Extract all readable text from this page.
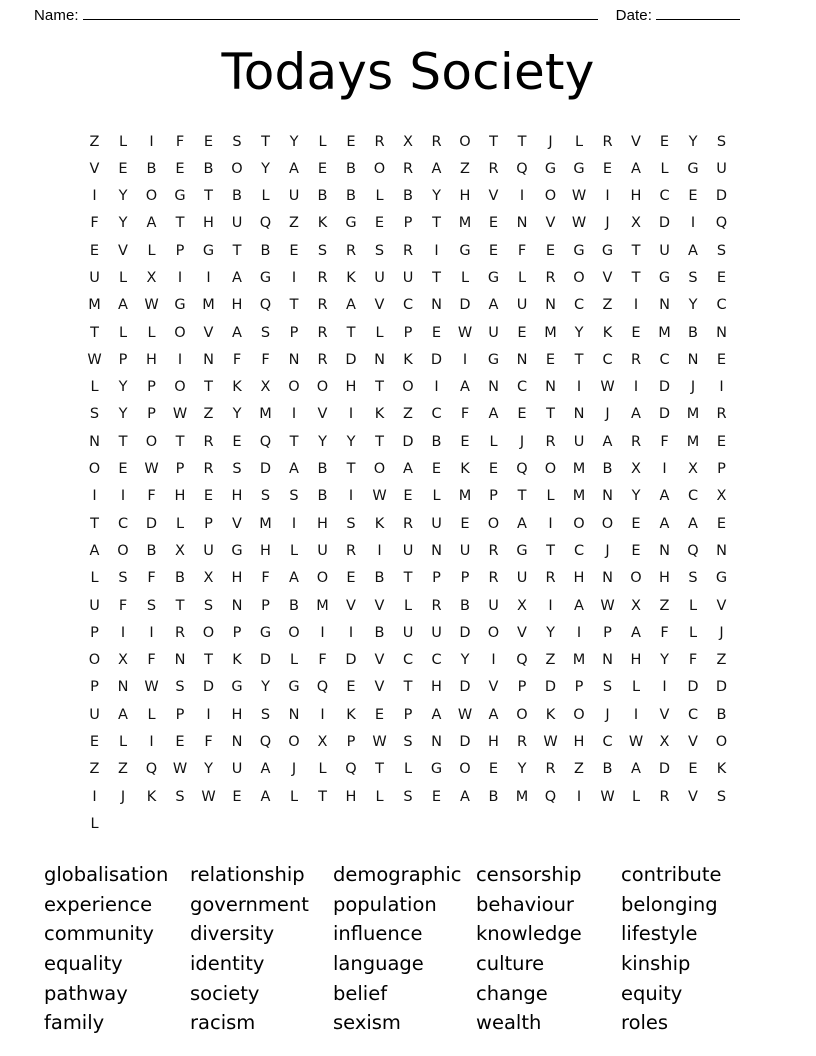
Name:	Date:
Todays Society
Z	L	I	F	E	S	T	Y	L	E	R	X	R	O	T	T	J	L	R	V	E	Y	S
V	E	B	E	B	O	Y	A	E	B	O	R	A	Z	R	Q	G	G	E	A	L	G	U
I	Y	O	G	T	B	L	U	B	B	L	B	Y	H	V	I	O	W	I	H	C	E	D
F	Y	A	T	H	U	Q	Z	K	G	E	P	T	M	E	N	V	W	J	X	D	I	Q
E	V	L	P	G	T	B	E	S	R	S	R	I	G	E	F	E	G	G	T	U	A	S
U	L	X	I	I	A	G	I	R	K	U	U	T	L	G	L	R	O	V	T	G	S	E
M	A	W	G	M	H	Q	T	R	A	V	C	N	D	A	U	N	C	Z	I	N	Y	C
T	L	L	O	V	A	S	P	R	T	L	P	E	W	U	E	M	Y	K	E	M	B	N
W	P	H	I	N	F	F	N	R	D	N	K	D	I	G	N	E	T	C	R	C	N	E
L	Y	P	O	T	K	X	O	O	H	T	O	I	A	N	C	N	I	W	I	D	J	I
S	Y	P	W	Z	Y	M	I	V	I	K	Z	C	F	A	E	T	N	J	A	D	M	R
N	T	O	T	R	E	Q	T	Y	Y	T	D	B	E	L	J	R	U	A	R	F	M	E
O	E	W	P	R	S	D	A	B	T	O	A	E	K	E	Q	O	M	B	X	I	X	P
I	I	F	H	E	H	S	S	B	I	W	E	L	M	P	T	L	M	N	Y	A	C	X
T	C	D	L	P	V	M	I	H	S	K	R	U	E	O	A	I	O	O	E	A	A	E
A	O	B	X	U	G	H	L	U	R	I	U	N	U	R	G	T	C	J	E	N	Q	N
L	S	F	B	X	H	F	A	O	E	B	T	P	P	R	U	R	H	N	O	H	S	G
U	F	S	T	S	N	P	B	M	V	V	L	R	B	U	X	I	A	W	X	Z	L	V
P	I	I	R	O	P	G	O	I	I	B	U	U	D	O	V	Y	I	P	A	F	L	J
O	X	F	N	T	K	D	L	F	D	V	C	C	Y	I	Q	Z	M	N	H	Y	F	Z
P	N	W	S	D	G	Y	G	Q	E	V	T	H	D	V	P	D	P	S	L	I	D	D
U	A	L	P	I	H	S	N	I	K	E	P	A	W	A	O	K	O	J	I	V	C	B
E	L	I	E	F	N	Q	O	X	P	W	S	N	D	H	R	W	H	C	W	X	V	O
Z	Z	Q	W	Y	U	A	J	L	Q	T	L	G	O	E	Y	R	Z	B	A	D	E	K
I	J	K	S	W	E	A	L	T	H	L	S	E	A	B	M	Q	I	W	L	R	V	S
L
globalisation
experience
community
equality
pathway
family
relationship
government
diversity
identity
society
racism
demographic
population
influence
language
belief
sexism
censorship
behaviour
knowledge
culture
change
wealth
contribute
belonging
lifestyle
kinship
equity
roles
